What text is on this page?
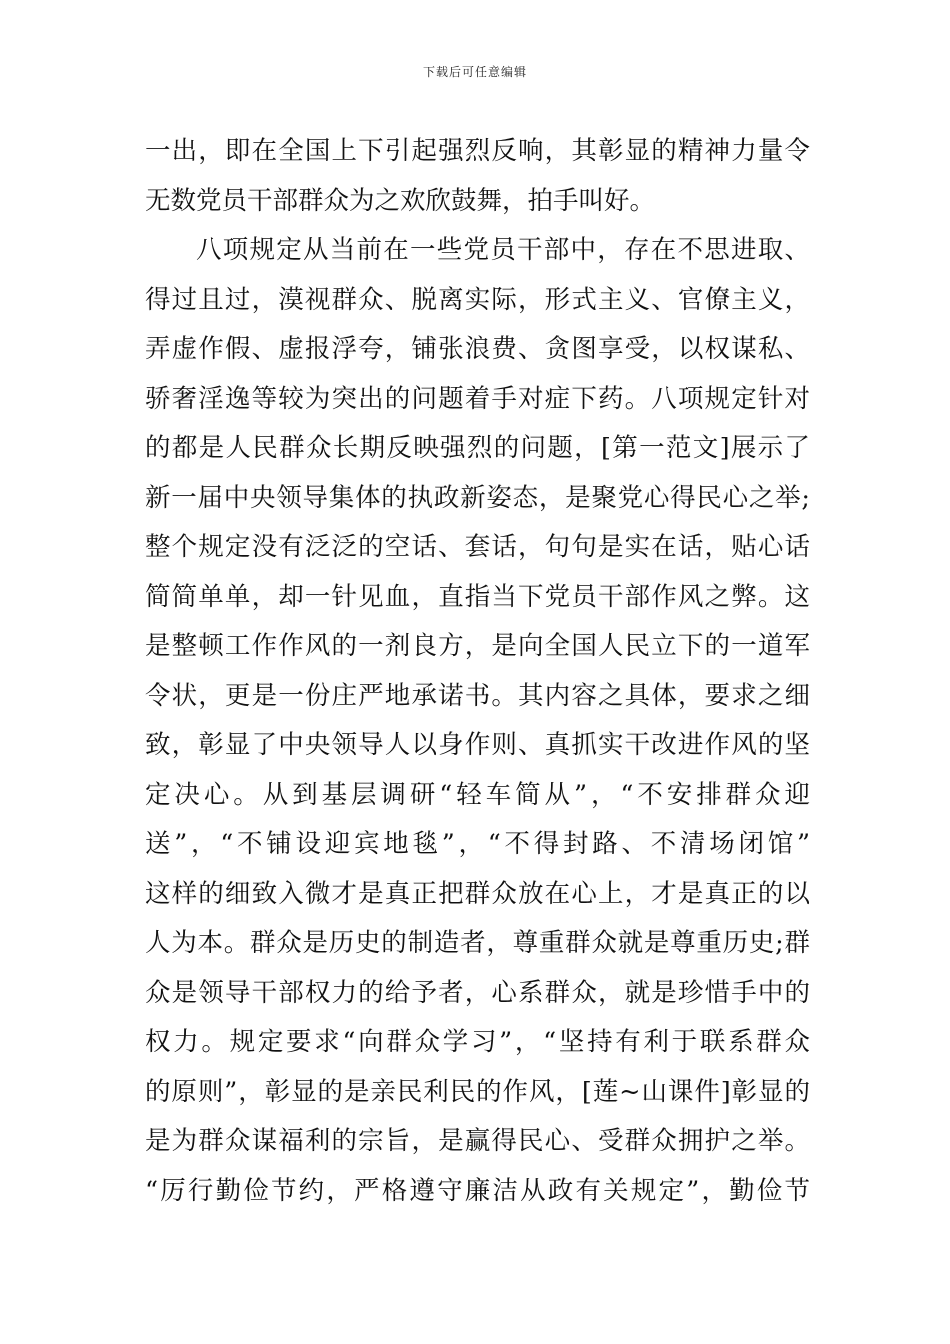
下载后可任意编辑
一出，即在全国上下引起强烈反响，其彰显的精神力量令
无数党员干部群众为之欢欣鼓舞，拍手叫好。
八项规定从当前在一些党员干部中，存在不思进取、
得过且过，漠视群众、脱离实际，形式主义、官僚主义，
弄虚作假、虚报浮夸，铺张浪费、贪图享受，以权谋私、
骄奢淫逸等较为突出的问题着手对症下药。八项规定针对
的都是人民群众长期反映强烈的问题，[第一范文]展示了
新一届中央领导集体的执政新姿态，是聚党心得民心之举;
整个规定没有泛泛的空话、套话，句句是实在话，贴心话
简简单单，却一针见血，直指当下党员干部作风之弊。这
是整顿工作作风的一剂良方，是向全国人民立下的一道军
令状，更是一份庄严地承诺书。其内容之具体，要求之细
致，彰显了中央领导人以身作则、真抓实干改进作风的坚
定决心。从到基层调研“轻车简从”，“不安排群众迎
送”，“不铺设迎宾地毯”，“不得封路、不清场闭馆”
这样的细致入微才是真正把群众放在心上，才是真正的以
人为本。群众是历史的制造者，尊重群众就是尊重历史;群
众是领导干部权力的给予者，心系群众，就是珍惜手中的
权力。规定要求“向群众学习”，“坚持有利于联系群众
的原则”，彰显的是亲民利民的作风，[莲~山课件]彰显的
是为群众谋福利的宗旨，是赢得民心、受群众拥护之举。
“厉行勤俭节约，严格遵守廉洁从政有关规定”，勤俭节
